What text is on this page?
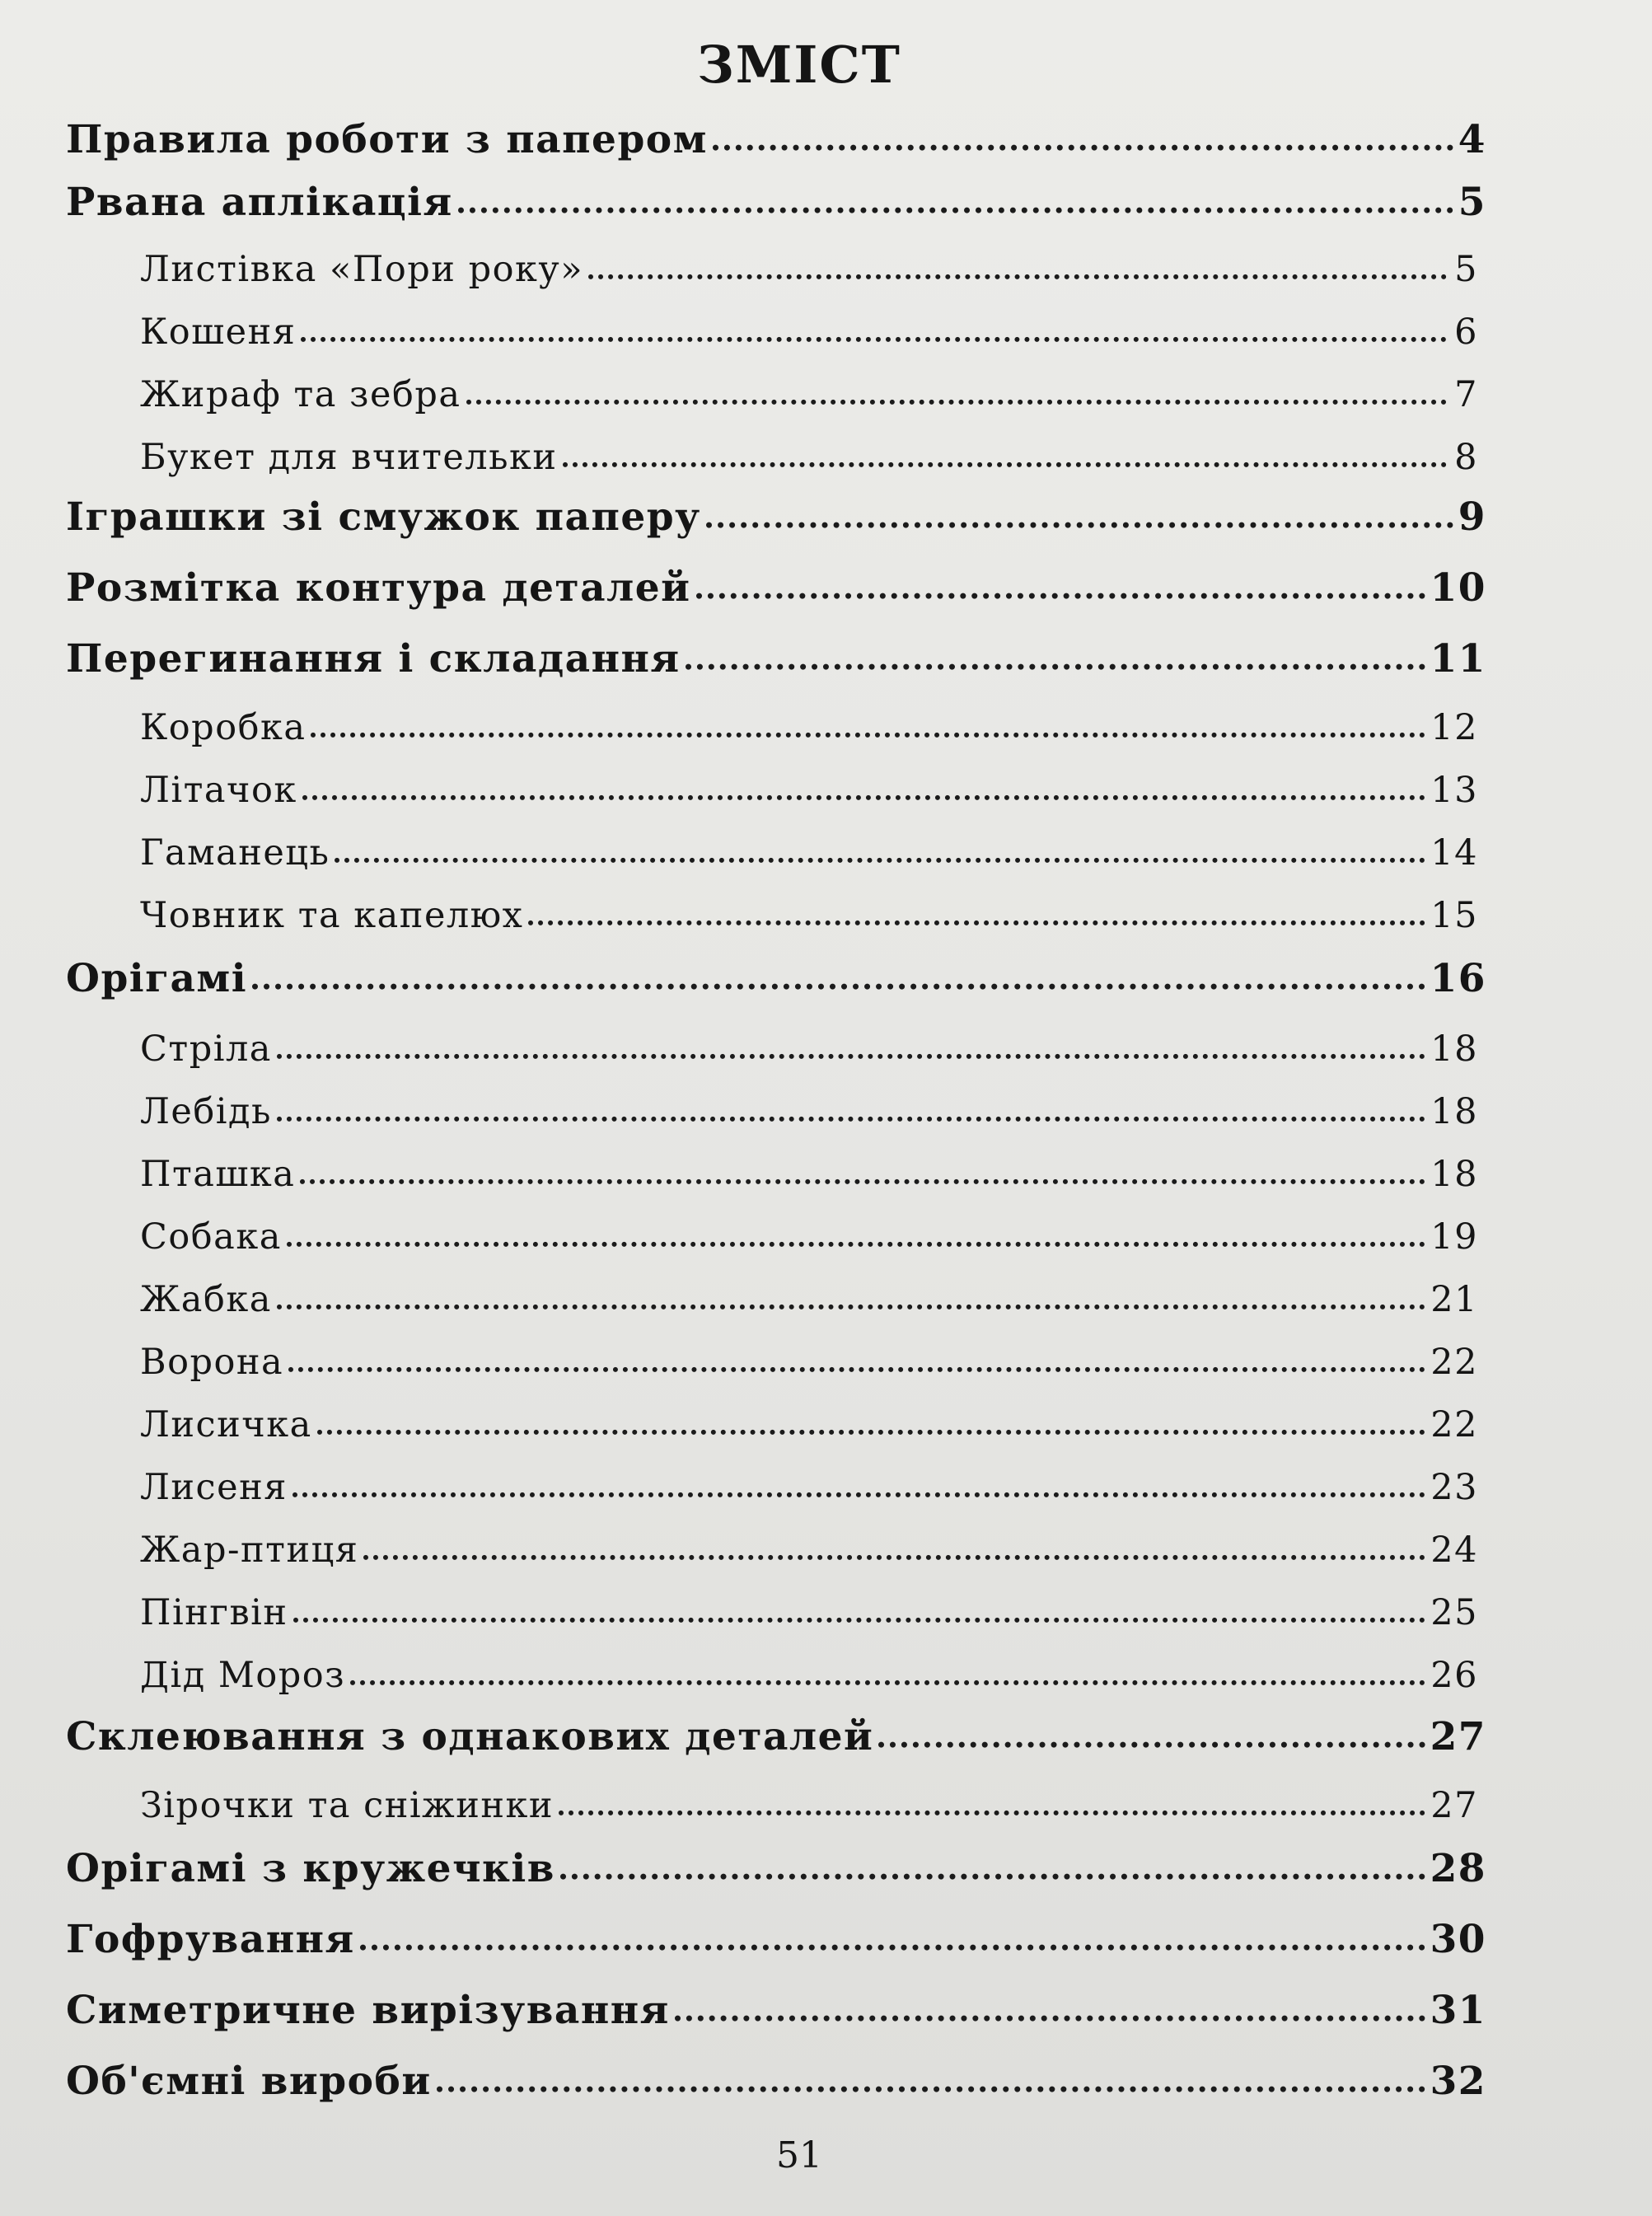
ЗМІСТ
Правила роботи з папером	4
Рвана аплікація	5
Листівка «Пори року»	5
Кошеня	6
Жираф та зебра	7
Букет для вчительки	8
Іграшки зі смужок паперу	9
Розмітка контура деталей	10
Перегинання і складання	11
Коробка	12
Літачок	13
Гаманець	14
Човник та капелюх	15
Орігамі	16
Стріла	18
Лебідь	18
Пташка	18
Собака	19
Жабка	21
Ворона	22
Лисичка	22
Лисеня	23
Жар-птиця	24
Пінгвін	25
Дід Мороз	26
Склеювання з однакових деталей	27
Зірочки та сніжинки	27
Орігамі з кружечків	28
Гофрування	30
Симетричне вирізування	31
Об'ємні вироби	32
51
